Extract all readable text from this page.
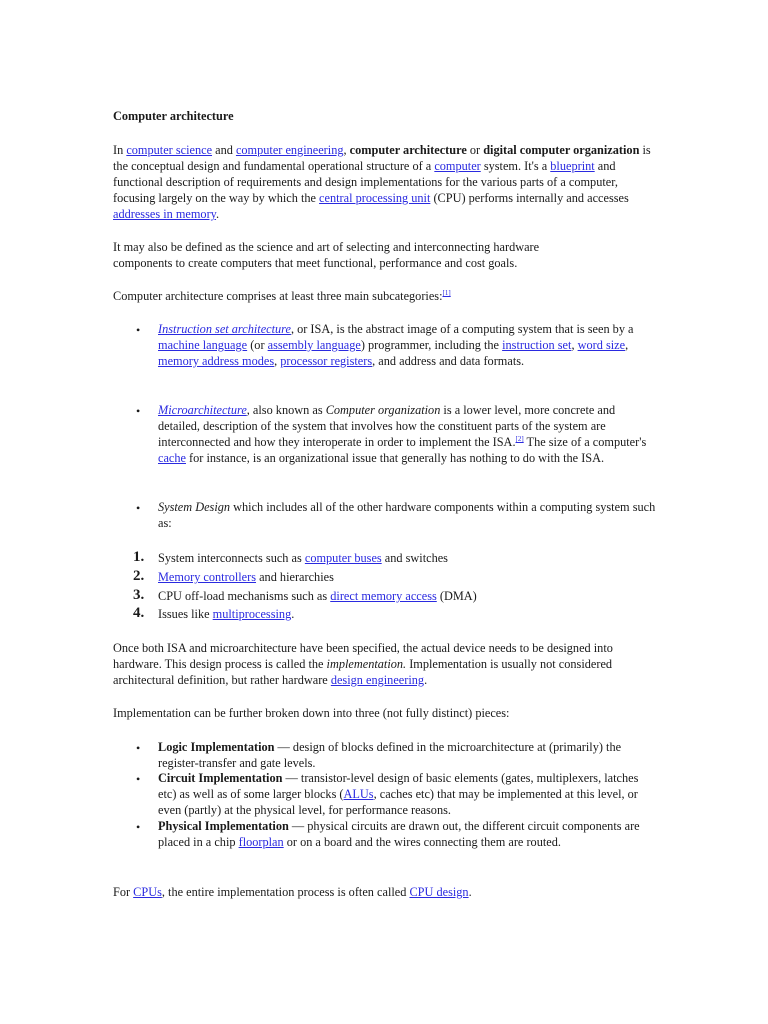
Computer architecture
In computer science and computer engineering, computer architecture or digital computer organization is the conceptual design and fundamental operational structure of a computer system. It's a blueprint and functional description of requirements and design implementations for the various parts of a computer, focusing largely on the way by which the central processing unit (CPU) performs internally and accesses addresses in memory.
It may also be defined as the science and art of selecting and interconnecting hardware components to create computers that meet functional, performance and cost goals.
Computer architecture comprises at least three main subcategories:[1]
• Instruction set architecture, or ISA, is the abstract image of a computing system that is seen by a machine language (or assembly language) programmer, including the instruction set, word size, memory address modes, processor registers, and address and data formats.
• Microarchitecture, also known as Computer organization is a lower level, more concrete and detailed, description of the system that involves how the constituent parts of the system are interconnected and how they interoperate in order to implement the ISA.[2] The size of a computer's cache for instance, is an organizational issue that generally has nothing to do with the ISA.
• System Design which includes all of the other hardware components within a computing system such as:
1. System interconnects such as computer buses and switches
2. Memory controllers and hierarchies
3. CPU off-load mechanisms such as direct memory access (DMA)
4. Issues like multiprocessing.
Once both ISA and microarchitecture have been specified, the actual device needs to be designed into hardware. This design process is called the implementation. Implementation is usually not considered architectural definition, but rather hardware design engineering.
Implementation can be further broken down into three (not fully distinct) pieces:
• Logic Implementation — design of blocks defined in the microarchitecture at (primarily) the register-transfer and gate levels.
• Circuit Implementation — transistor-level design of basic elements (gates, multiplexers, latches etc) as well as of some larger blocks (ALUs, caches etc) that may be implemented at this level, or even (partly) at the physical level, for performance reasons.
• Physical Implementation — physical circuits are drawn out, the different circuit components are placed in a chip floorplan or on a board and the wires connecting them are routed.
For CPUs, the entire implementation process is often called CPU design.
